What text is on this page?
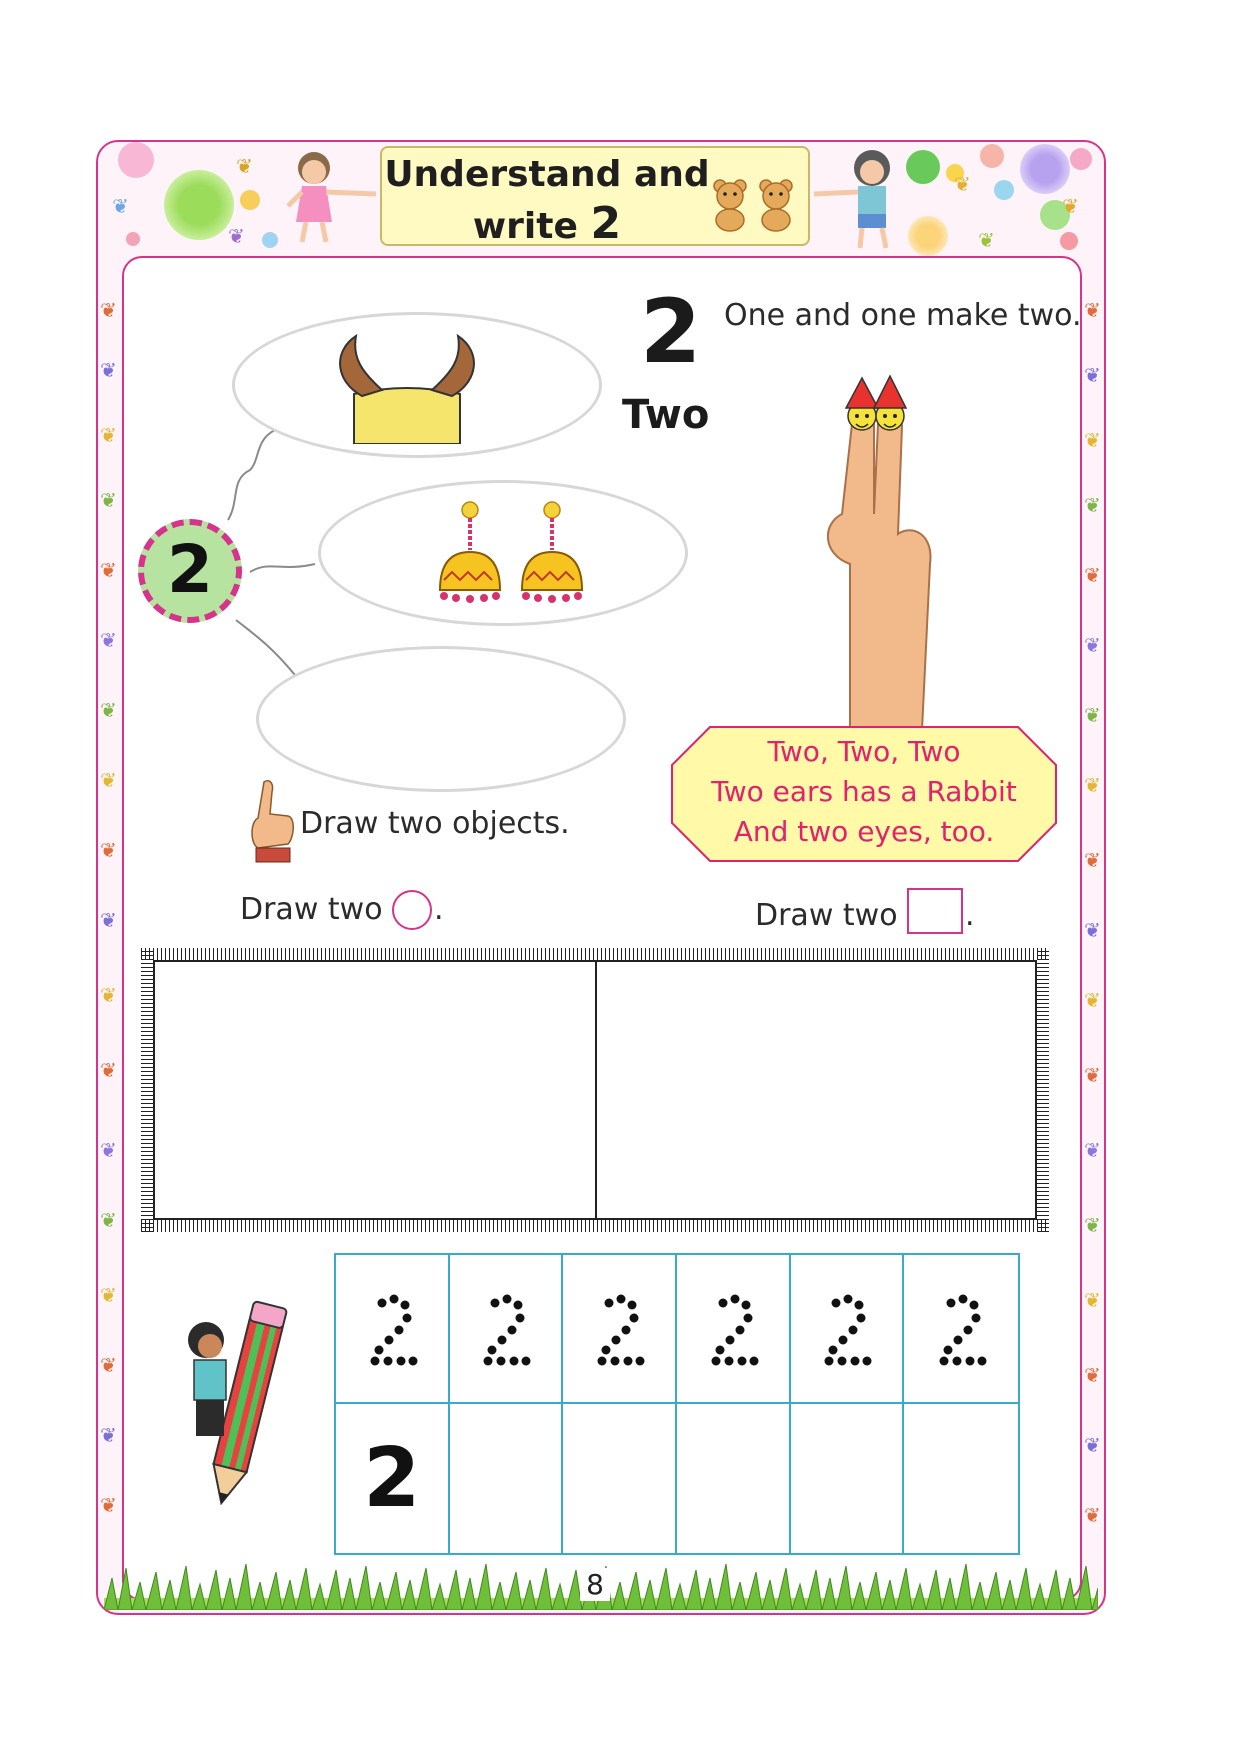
❦
❦
❦
❦
❦
❦
❦
❦
❦
❦
❦
❦
❦
❦
❦
❦
❦
❦
❦
❦
❦
❦
❦
❦
❦
❦
❦
❦
❦
❦
❦
❦
❦
❦
❦
❦
❦
❦
❦
❦
❦
❦
Understand and
write 2
2
2
Two
One and one make two.
Two, Two, Two
Two ears has a Rabbit
And two eyes, too.
Draw two objects.
Draw two .	Draw two .
2
8
